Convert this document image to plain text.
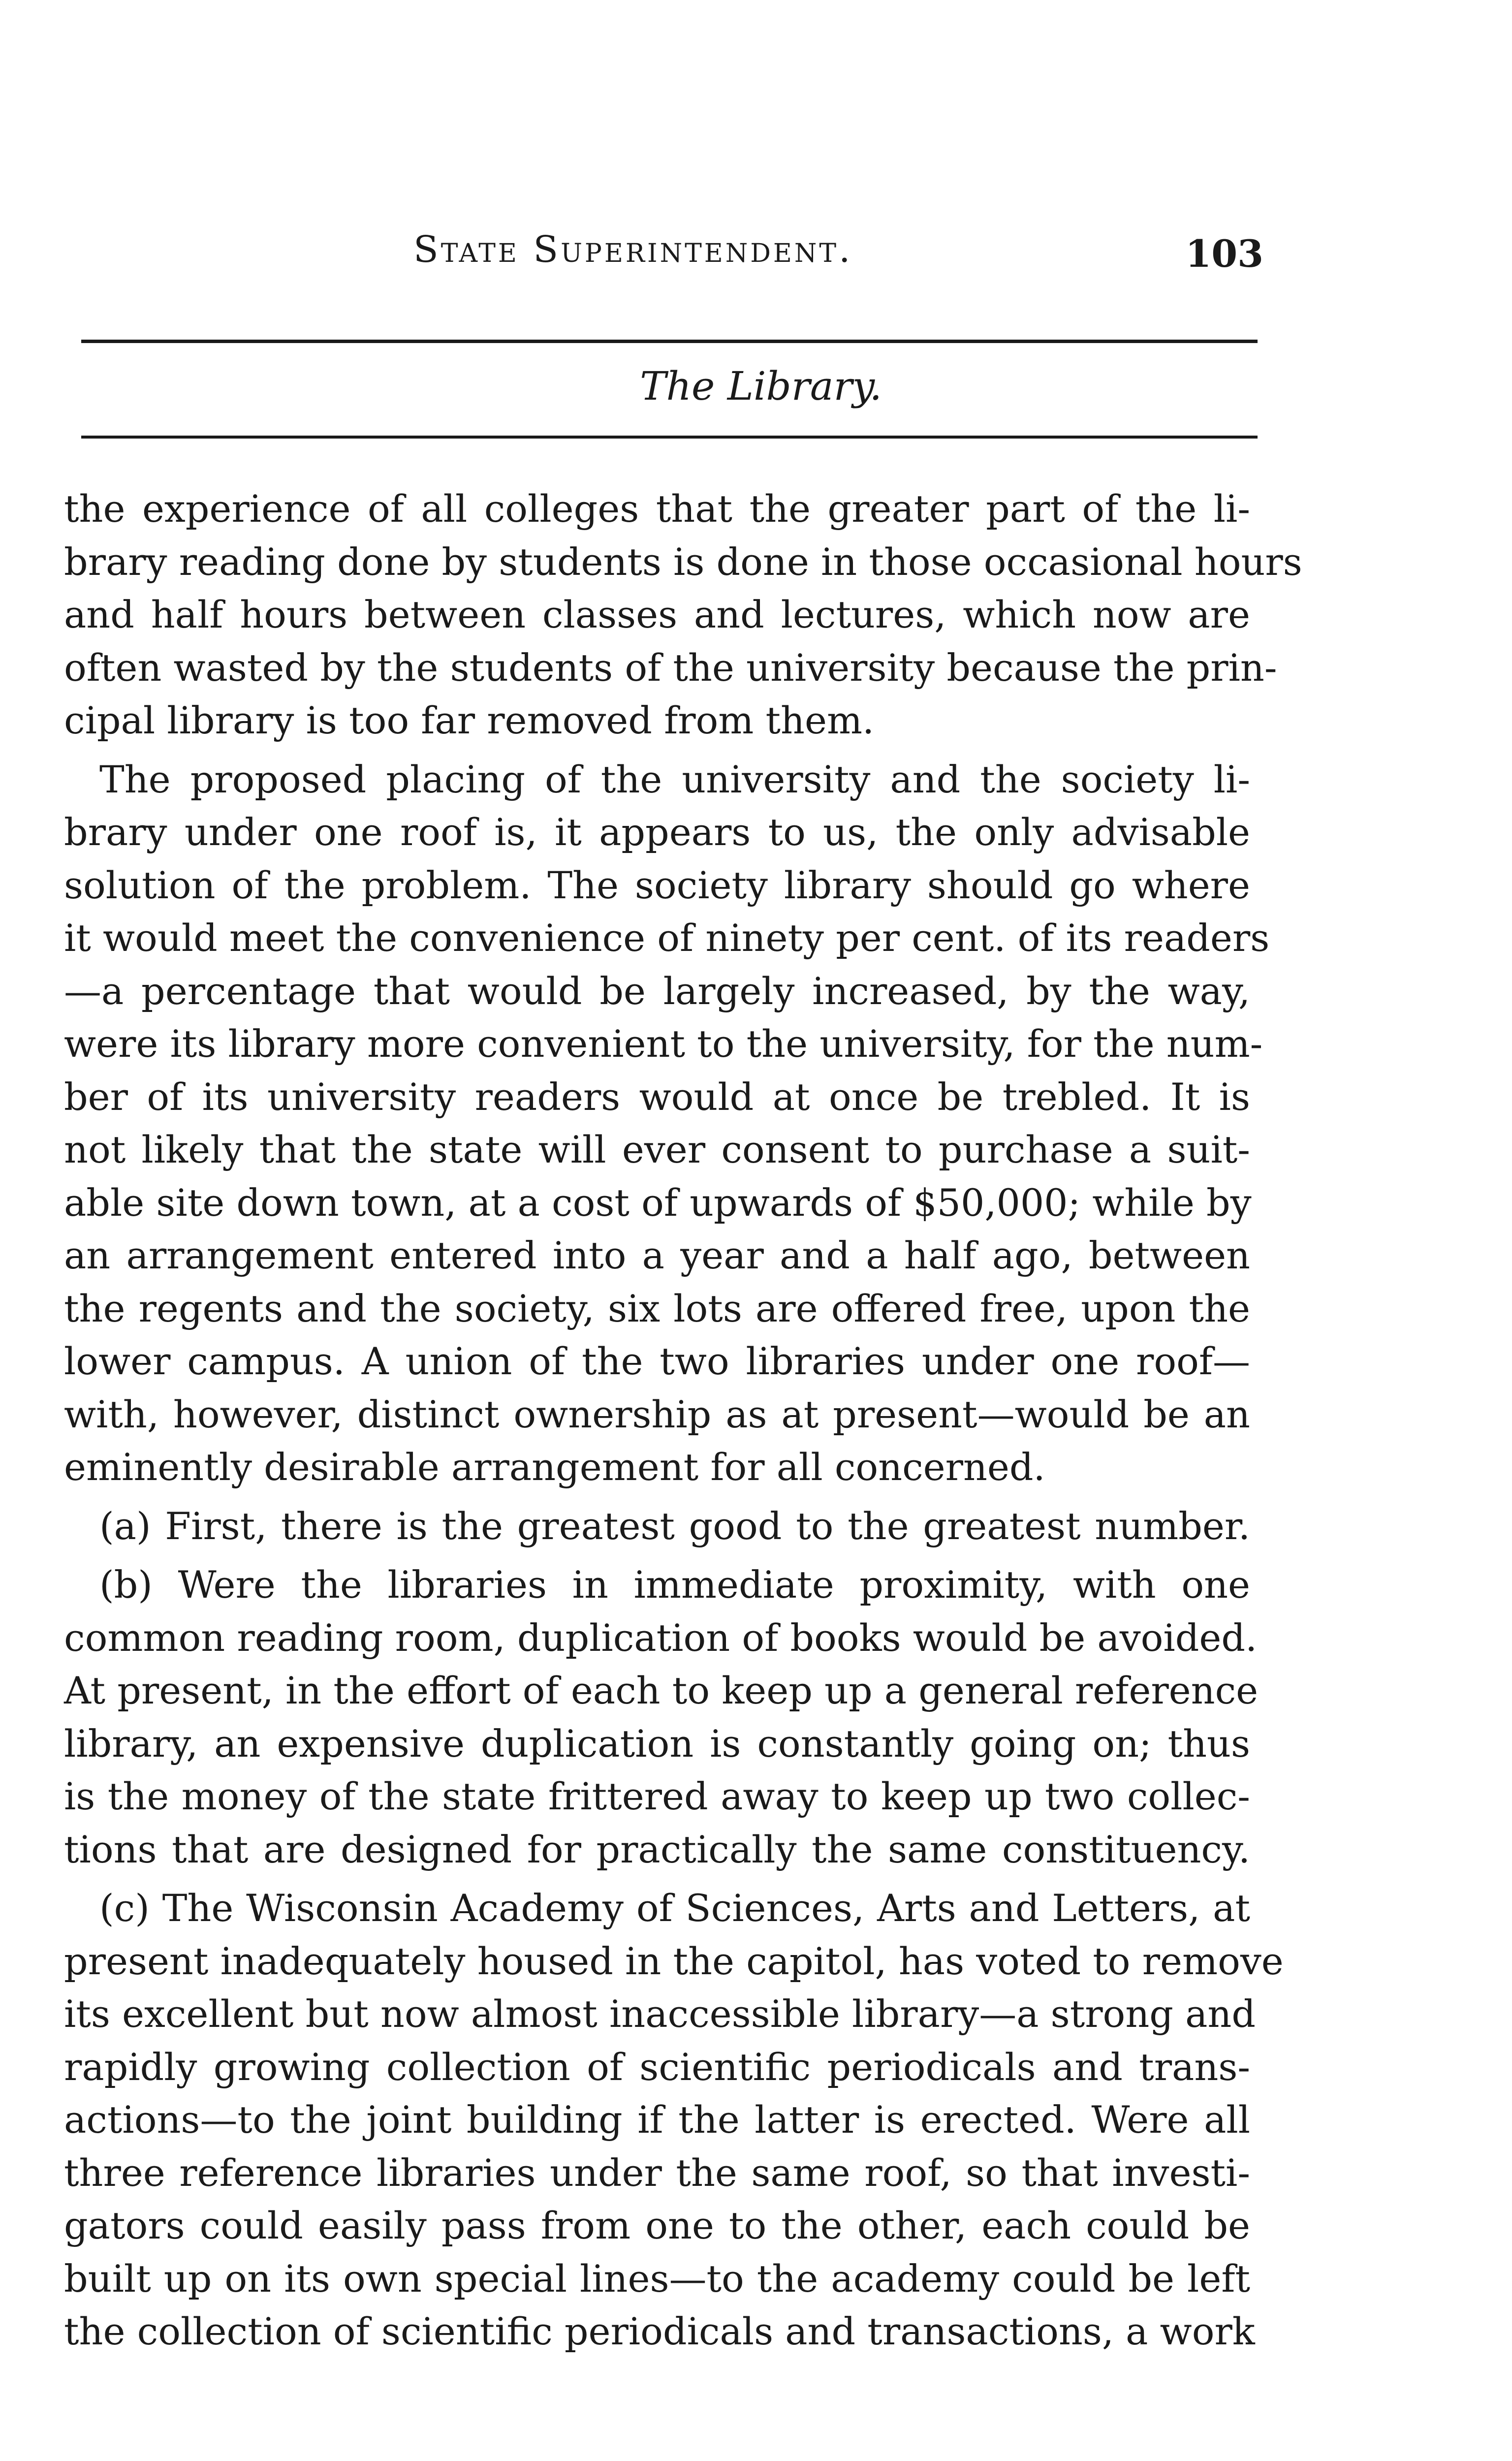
State Superintendent.	103
The Library.
the experience of all colleges that the greater part of the li-
brary reading done by students is done in those occasional hours
and half hours between classes and lectures, which now are
often wasted by the students of the university because the prin-
cipal library is too far removed from them.
The proposed placing of the university and the society li-
brary under one roof is, it appears to us, the only advisable
solution of the problem. The society library should go where
it would meet the convenience of ninety per cent. of its readers
—a percentage that would be largely increased, by the way,
were its library more convenient to the university, for the num-
ber of its university readers would at once be trebled. It is
not likely that the state will ever consent to purchase a suit-
able site down town, at a cost of upwards of $50,000; while by
an arrangement entered into a year and a half ago, between
the regents and the society, six lots are offered free, upon the
lower campus. A union of the two libraries under one roof—
with, however, distinct ownership as at present—would be an
eminently desirable arrangement for all concerned.
(a) First, there is the greatest good to the greatest number.
(b) Were the libraries in immediate proximity, with one
common reading room, duplication of books would be avoided.
At present, in the effort of each to keep up a general reference
library, an expensive duplication is constantly going on; thus
is the money of the state frittered away to keep up two collec-
tions that are designed for practically the same constituency.
(c) The Wisconsin Academy of Sciences, Arts and Letters, at
present inadequately housed in the capitol, has voted to remove
its excellent but now almost inaccessible library—a strong and
rapidly growing collection of scientific periodicals and trans-
actions—to the joint building if the latter is erected. Were all
three reference libraries under the same roof, so that investi-
gators could easily pass from one to the other, each could be
built up on its own special lines—to the academy could be left
the collection of scientific periodicals and transactions, a work
